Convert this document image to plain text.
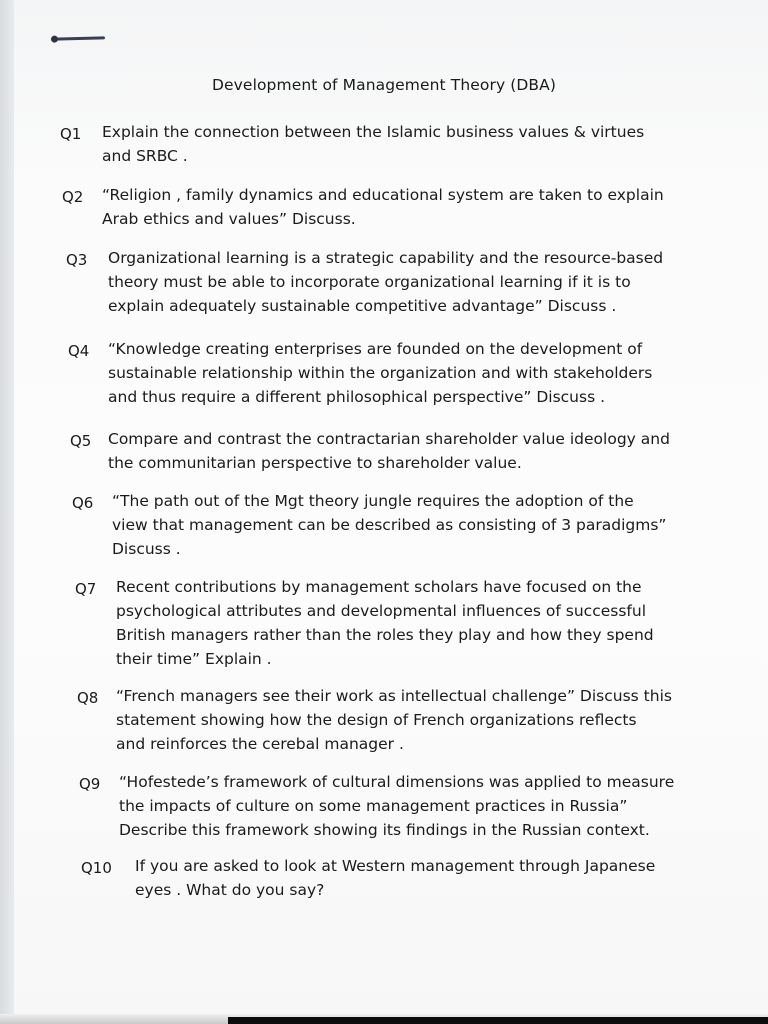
Development of Management Theory (DBA)
Q1 Explain the connection between the Islamic business values & virtues
and SRBC .
Q2 “Religion , family dynamics and educational system are taken to explain
Arab ethics and values” Discuss.
Q3 Organizational learning is a strategic capability and the resource-based
theory must be able to incorporate organizational learning if it is to
explain adequately sustainable competitive advantage” Discuss .
Q4 “Knowledge creating enterprises are founded on the development of
sustainable relationship within the organization and with stakeholders
and thus require a different philosophical perspective” Discuss .
Q5 Compare and contrast the contractarian shareholder value ideology and
the communitarian perspective to shareholder value.
Q6 “The path out of the Mgt theory jungle requires the adoption of the
view that management can be described as consisting of 3 paradigms”
Discuss .
Q7 Recent contributions by management scholars have focused on the
psychological attributes and developmental influences of successful
British managers rather than the roles they play and how they spend
their time” Explain .
Q8 “French managers see their work as intellectual challenge” Discuss this
statement showing how the design of French organizations reflects
and reinforces the cerebal manager .
Q9 “Hofestede’s framework of cultural dimensions was applied to measure
the impacts of culture on some management practices in Russia”
Describe this framework showing its findings in the Russian context.
Q10 If you are asked to look at Western management through Japanese
eyes . What do you say?
